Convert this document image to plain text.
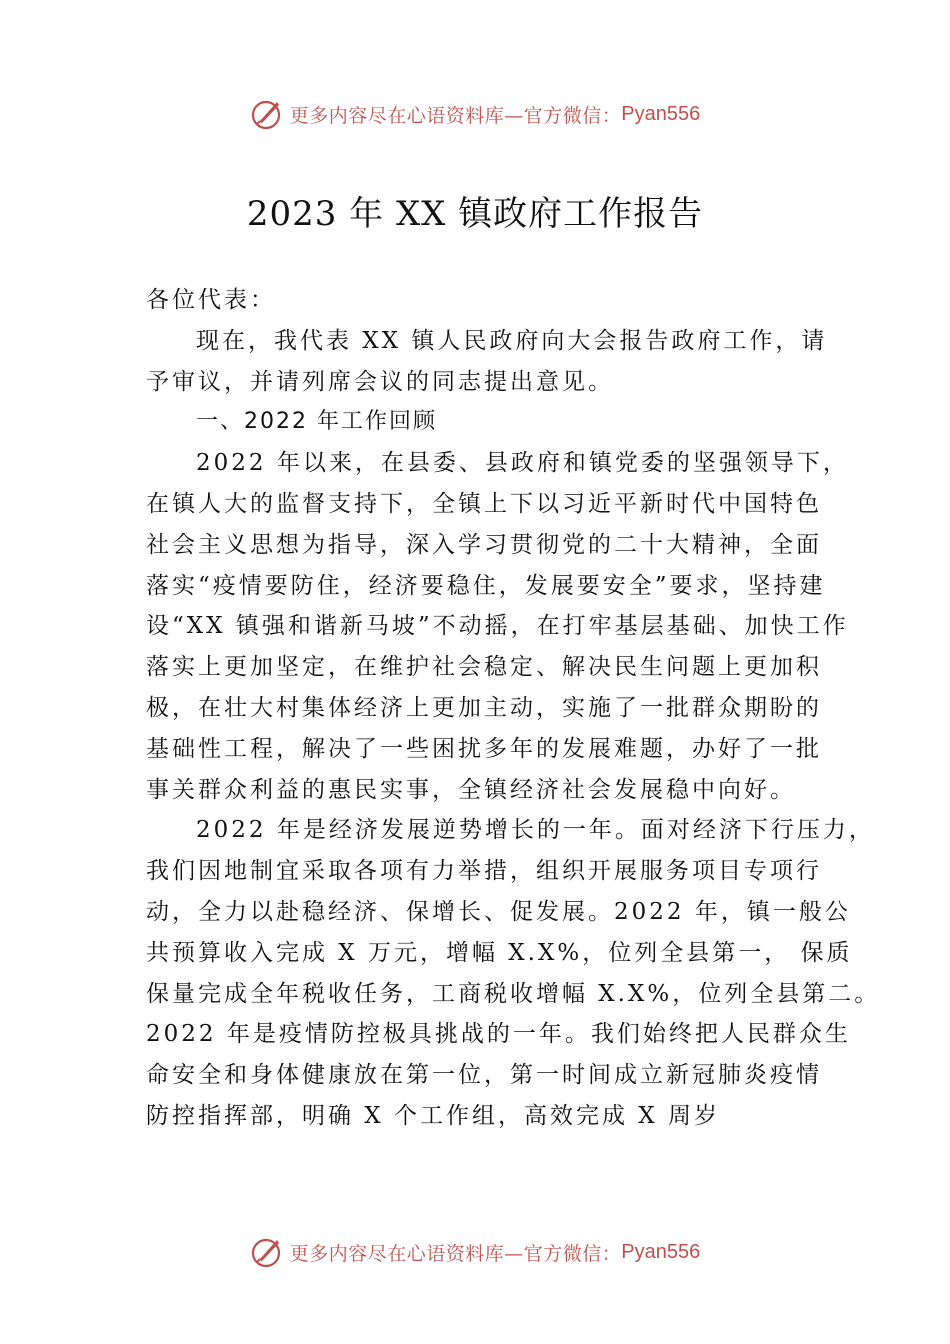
更多内容尽在心语资料库—官方微信： Pyan556
2023 年 XX 镇政府工作报告
各位代表：
现在，我代表 XX 镇人民政府向大会报告政府工作，请
予审议，并请列席会议的同志提出意见。
一、2022 年工作回顾
2022 年以来，在县委、县政府和镇党委的坚强领导下，
在镇人大的监督支持下，全镇上下以习近平新时代中国特色
社会主义思想为指导，深入学习贯彻党的二十大精神，全面
落实“疫情要防住，经济要稳住，发展要安全”要求，坚持建
设“XX 镇强和谐新马坡”不动摇，在打牢基层基础、加快工作
落实上更加坚定，在维护社会稳定、解决民生问题上更加积
极，在壮大村集体经济上更加主动，实施了一批群众期盼的
基础性工程，解决了一些困扰多年的发展难题，办好了一批
事关群众利益的惠民实事，全镇经济社会发展稳中向好。
2022 年是经济发展逆势增长的一年。面对经济下行压力，
我们因地制宜采取各项有力举措，组织开展服务项目专项行
动，全力以赴稳经济、保增长、促发展。2022 年，镇一般公
共预算收入完成 X 万元，增幅 X.X%，位列全县第一， 保质
保量完成全年税收任务，工商税收增幅 X.X%，位列全县第二。
2022 年是疫情防控极具挑战的一年。我们始终把人民群众生
命安全和身体健康放在第一位，第一时间成立新冠肺炎疫情
防控指挥部，明确 X 个工作组，高效完成 X 周岁
更多内容尽在心语资料库—官方微信： Pyan556
